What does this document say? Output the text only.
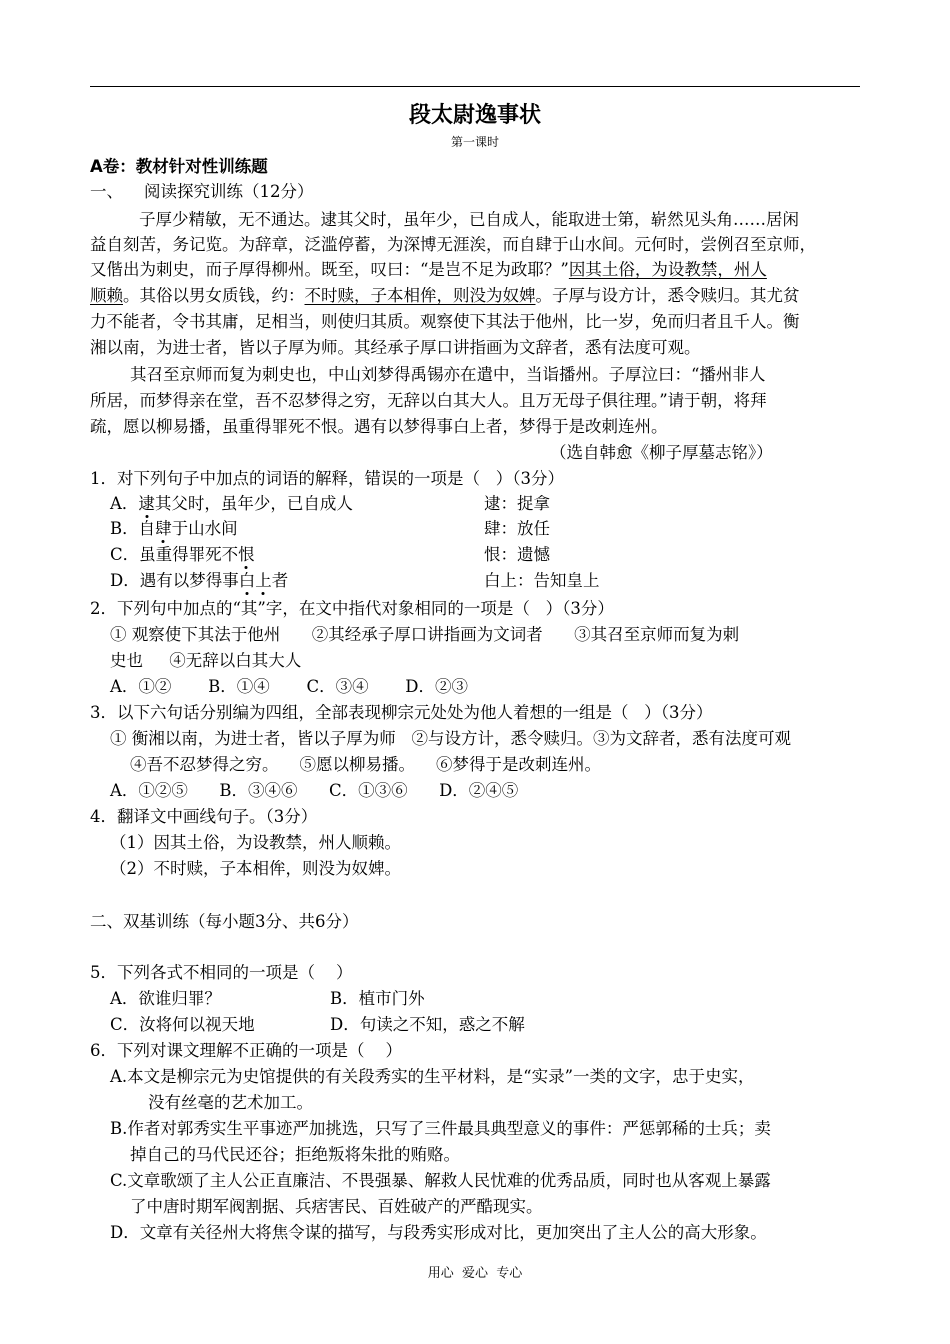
段太尉逸事状
第一课时
A卷：教材针对性训练题
一、    阅读探究训练（12分）
子厚少精敏，无不通达。逮其父时，虽年少，已自成人，能取进士第，崭然见头角……居闲
益自刻苦，务记览。为辞章，泛滥停蓄，为深博无涯涘，而自肆于山水间。元何时，尝例召至京师，
又偕出为刺史，而子厚得柳州。既至，叹曰：“是岂不足为政耶？”因其土俗，为设教禁，州人
顺赖。其俗以男女质钱，约：不时赎，子本相侔，则没为奴婢。子厚与设方计，悉令赎归。其尤贫
力不能者，令书其庸，足相当，则使归其质。观察使下其法于他州，比一岁，免而归者且千人。衡
湘以南，为进士者，皆以子厚为师。其经承子厚口讲指画为文辞者，悉有法度可观。
其召至京师而复为刺史也，中山刘梦得禹锡亦在遣中，当诣播州。子厚泣曰：“播州非人
所居，而梦得亲在堂，吾不忍梦得之穷，无辞以白其大人。且万无母子俱往理。”请于朝，将拜
疏，愿以柳易播，虽重得罪死不恨。遇有以梦得事白上者，梦得于是改刺连州。
（选自韩愈《柳子厚墓志铭》）
1．对下列句子中加点的词语的解释，错误的一项是（   ）（3分）
A．逮其父时，虽年少，已自成人	逮：捉拿
B．自肆于山水间	肆：放任
C．虽重得罪死不恨	恨：遗憾
D．遇有以梦得事白上者	白上：告知皇上
2．下列句中加点的“其”字，在文中指代对象相同的一项是（   ）（3分）
① 观察使下其法于他州      ②其经承子厚口讲指画为文词者      ③其召至京师而复为刺
史也     ④无辞以白其大人
A．①②       B．①④       C．③④       D．②③
3．以下六句话分别编为四组，全部表现柳宗元处处为他人着想的一组是（   ）（3分）
① 衡湘以南，为进士者，皆以子厚为师   ②与设方计，悉令赎归。③为文辞者，悉有法度可观
④吾不忍梦得之穷。    ⑤愿以柳易播。    ⑥梦得于是改刺连州。
A．①②⑤      B．③④⑥      C．①③⑥      D．②④⑤
4．翻译文中画线句子。（3分）
（1）因其土俗，为设教禁，州人顺赖。
（2）不时赎，子本相侔，则没为奴婢。
二、双基训练（每小题3分、共6分）
5．下列各式不相同的一项是（    ）
A．欲谁归罪？	B．植市门外
C．汝将何以视天地	D．句读之不知，惑之不解
6．下列对课文理解不正确的一项是（    ）
A.本文是柳宗元为史馆提供的有关段秀实的生平材料，是“实录”一类的文字，忠于史实，
没有丝毫的艺术加工。
B.作者对郭秀实生平事迹严加挑选，只写了三件最具典型意义的事件：严惩郭稀的士兵；卖
掉自己的马代民还谷；拒绝叛将朱批的贿赂。
C.文章歌颂了主人公正直廉洁、不畏强暴、解救人民忧难的优秀品质，同时也从客观上暴露
了中唐时期军阀割据、兵痞害民、百姓破产的严酷现实。
D．文章有关径州大将焦令谋的描写，与段秀实形成对比，更加突出了主人公的高大形象。
用心  爱心  专心
